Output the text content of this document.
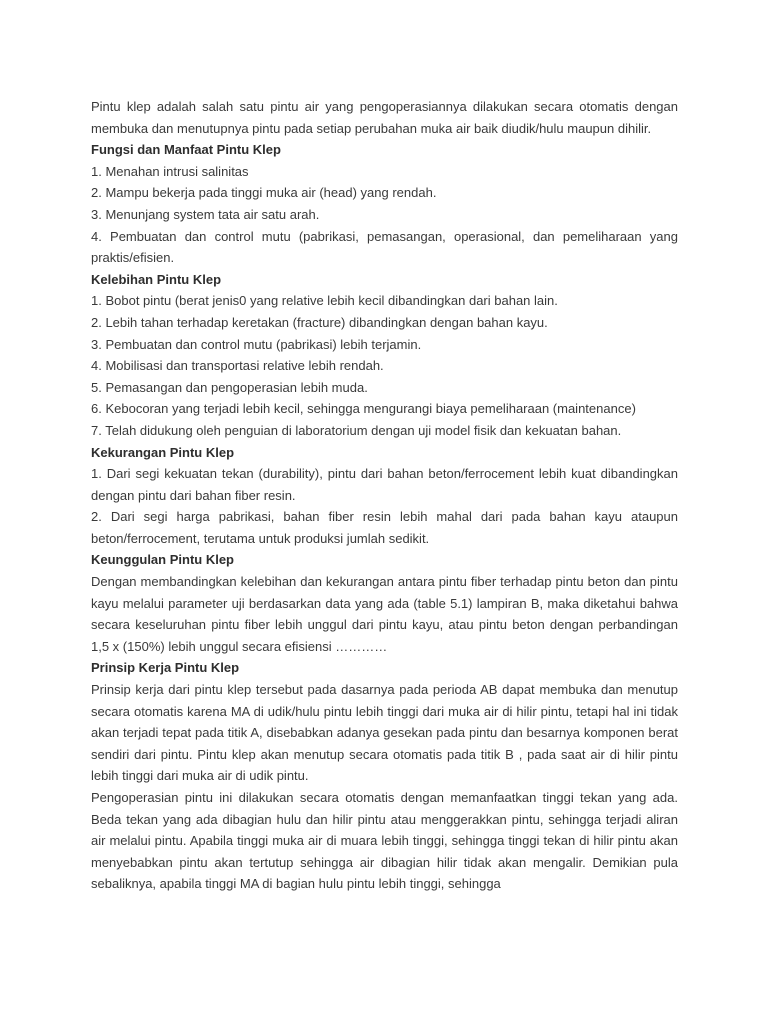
Pintu klep adalah salah satu pintu air yang pengoperasiannya dilakukan secara otomatis dengan membuka dan menutupnya pintu pada setiap perubahan muka air baik diudik/hulu maupun dihilir.

Fungsi dan Manfaat Pintu Klep
1. Menahan intrusi salinitas
2. Mampu bekerja pada tinggi muka air (head) yang rendah.
3. Menunjang system tata air satu arah.
4. Pembuatan dan control mutu (pabrikasi, pemasangan, operasional, dan pemeliharaan yang praktis/efisien.
Kelebihan Pintu Klep
1. Bobot pintu (berat jenis0 yang relative lebih kecil dibandingkan dari bahan lain.
2. Lebih tahan terhadap keretakan (fracture) dibandingkan dengan bahan kayu.
3. Pembuatan dan control mutu (pabrikasi) lebih terjamin.
4. Mobilisasi dan transportasi relative lebih rendah.
5. Pemasangan dan pengoperasian lebih muda.
6. Kebocoran yang terjadi lebih kecil, sehingga mengurangi biaya pemeliharaan (maintenance)
7. Telah didukung oleh penguian di laboratorium dengan uji model fisik dan kekuatan bahan.
Kekurangan Pintu Klep
1. Dari segi kekuatan tekan (durability), pintu dari bahan beton/ferrocement lebih kuat dibandingkan dengan pintu dari bahan fiber resin.
2. Dari segi harga pabrikasi, bahan fiber resin lebih mahal dari pada bahan kayu ataupun beton/ferrocement, terutama untuk produksi jumlah sedikit.
Keunggulan Pintu Klep

Dengan membandingkan kelebihan dan kekurangan antara pintu fiber terhadap pintu beton dan pintu kayu melalui parameter uji berdasarkan data yang ada (table 5.1) lampiran B, maka diketahui bahwa secara keseluruhan pintu fiber lebih unggul dari pintu kayu, atau pintu beton dengan perbandingan 1,5 x (150%) lebih unggul secara efisiensi …………

Prinsip Kerja Pintu Klep

Prinsip kerja dari pintu klep tersebut pada dasarnya pada perioda AB dapat membuka dan menutup secara otomatis karena MA di udik/hulu pintu lebih tinggi dari muka air di hilir pintu, tetapi hal ini tidak akan terjadi tepat pada titik A, disebabkan adanya gesekan pada pintu dan besarnya komponen berat sendiri dari pintu. Pintu klep akan menutup secara otomatis pada titik B , pada saat air di hilir pintu lebih tinggi dari muka air di udik pintu.

Pengoperasian pintu ini dilakukan secara otomatis dengan memanfaatkan tinggi tekan yang ada. Beda tekan yang ada dibagian hulu dan hilir pintu atau menggerakkan pintu, sehingga terjadi aliran air melalui pintu. Apabila tinggi muka air di muara lebih tinggi, sehingga tinggi tekan di hilir pintu akan menyebabkan pintu akan tertutup sehingga air dibagian hilir tidak akan mengalir. Demikian pula sebaliknya, apabila tinggi MA di bagian hulu pintu lebih tinggi, sehingga
